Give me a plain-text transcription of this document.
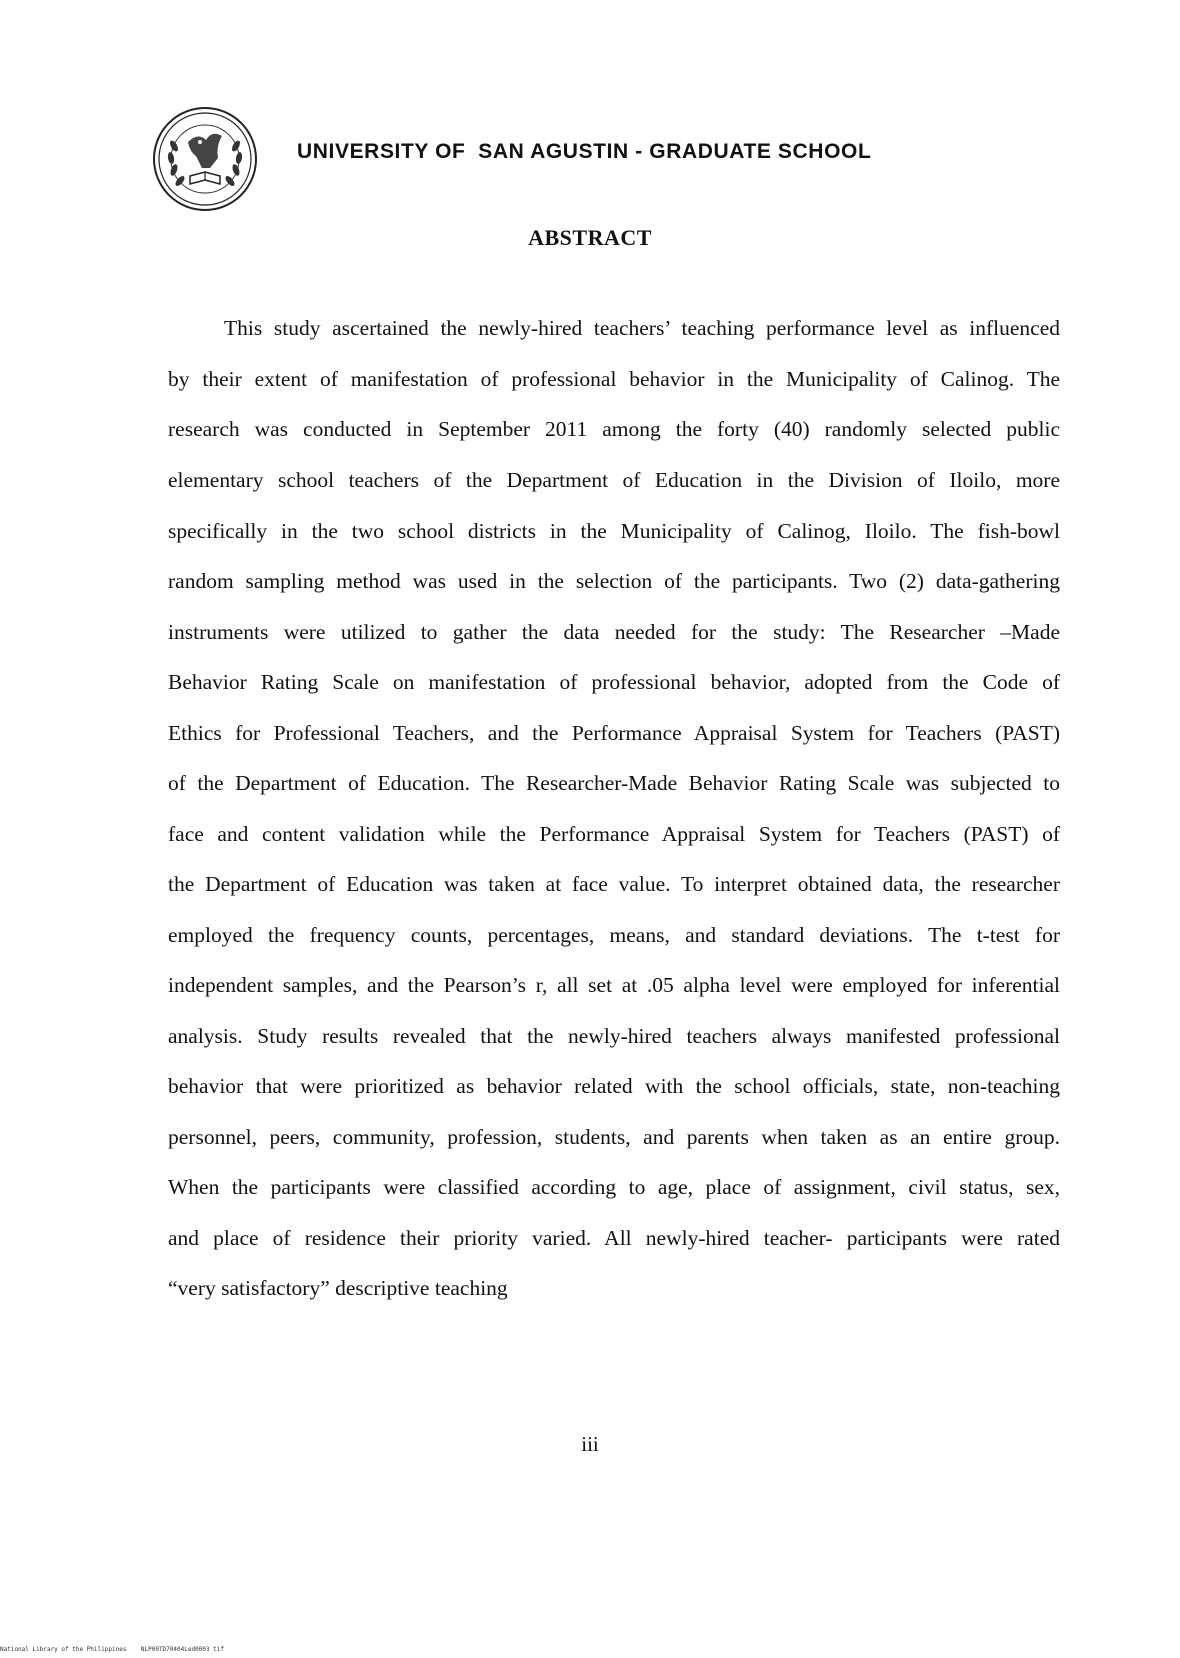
UNIVERSITY OF  SAN AGUSTIN - GRADUATE SCHOOL
ABSTRACT
This study ascertained the newly-hired teachers’ teaching performance level as influenced
by their extent of manifestation of professional behavior in the Municipality of Calinog. The
research was conducted in September 2011 among the forty (40) randomly selected public
elementary school teachers of the Department of Education in the Division of Iloilo, more
specifically in the two school districts in the Municipality of Calinog, Iloilo. The fish-bowl
random sampling method was used in the selection of the participants. Two (2) data-gathering
instruments were utilized to gather the data needed for the study: The Researcher –Made
Behavior Rating Scale on manifestation of professional behavior, adopted from the Code of
Ethics for Professional Teachers, and the Performance Appraisal System for Teachers (PAST)
of the Department of Education. The Researcher-Made Behavior Rating Scale was subjected to
face and content validation while the Performance Appraisal System for Teachers (PAST) of
the Department of Education was taken at face value. To interpret obtained data, the researcher
employed the frequency counts, percentages, means, and standard deviations. The t-test for
independent samples, and the Pearson’s r, all set at .05 alpha level were employed for inferential
analysis. Study results revealed that the newly-hired teachers always manifested professional
behavior that were prioritized as behavior related with the school officials, state, non-teaching
personnel, peers, community, profession, students, and parents when taken as an entire group.
When the participants were classified according to age, place of assignment, civil status, sex,
and place of residence their priority varied. All newly-hired teacher- participants were rated
“very satisfactory” descriptive teaching
iii
National Library of the Philippines    NLP00TD70404Led0003 tif
